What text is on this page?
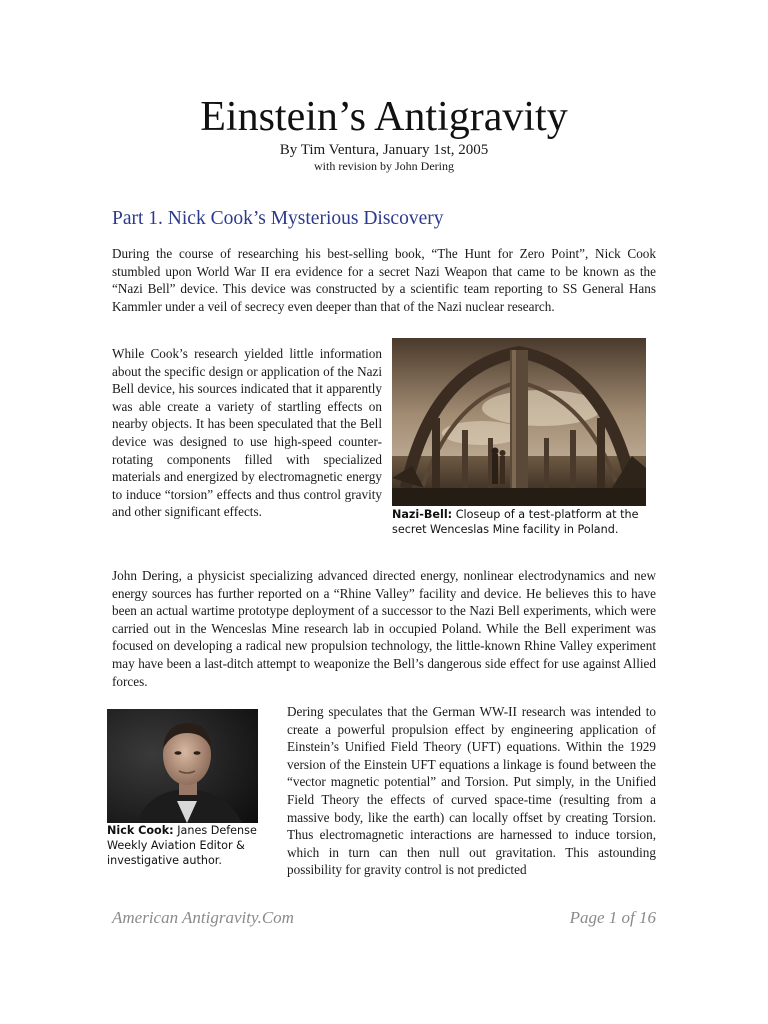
Einstein’s Antigravity
By Tim Ventura, January 1st, 2005
with revision by John Dering
Part 1. Nick Cook’s Mysterious Discovery

During the course of researching his best-selling book, “The Hunt for Zero Point”, Nick Cook stumbled upon World War II era evidence for a secret Nazi Weapon that came to be known as the “Nazi Bell” device. This device was constructed by a scientific team reporting to SS General Hans Kammler under a veil of secrecy even deeper than that of the Nazi nuclear research.

While Cook’s research yielded little information about the specific design or application of the Nazi Bell device, his sources indicated that it apparently was able create a variety of startling effects on nearby objects. It has been speculated that the Bell device was designed to use high-speed counter-rotating components filled with specialized materials and energized by electromagnetic energy to induce “torsion” effects and thus control gravity and other significant effects.	Nazi-Bell: Closeup of a test-platform at the secret Wenceslas Mine facility in Poland.

John Dering, a physicist specializing advanced directed energy, nonlinear electrodynamics and new energy sources has further reported on a “Rhine Valley” facility and device. He believes this to have been an actual wartime prototype deployment of a successor to the Nazi Bell experiments, which were carried out in the Wenceslas Mine research lab in occupied Poland. While the Bell experiment was focused on developing a radical new propulsion technology, the little-known Rhine Valley experiment may have been a last-ditch attempt to weaponize the Bell’s dangerous side effect for use against Allied forces.

Nick Cook: Janes Defense Weekly Aviation Editor & investigative author.

Dering speculates that the German WW-II research was intended to create a powerful propulsion effect by engineering application of Einstein’s Unified Field Theory (UFT) equations. Within the 1929 version of the Einstein UFT equations a linkage is found between the “vector magnetic potential” and Torsion. Put simply, in the Unified Field Theory the effects of curved space-time (resulting from a massive body, like the earth) can locally offset by creating Torsion. Thus electromagnetic interactions are harnessed to induce torsion, which in turn can then null out gravitation. This astounding possibility for gravity control is not predicted

American Antigravity.Com	Page 1 of 16
